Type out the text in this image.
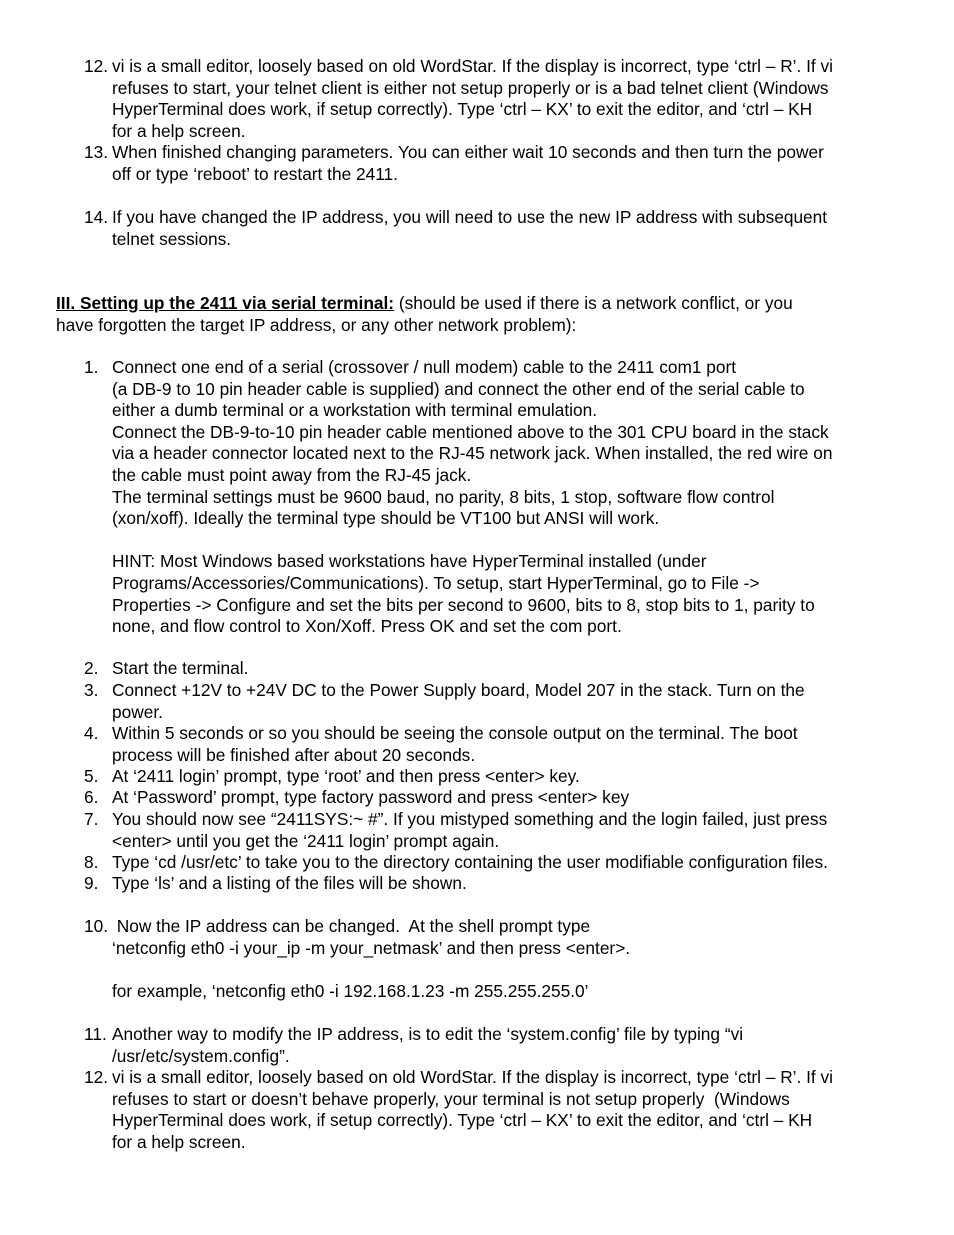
12. vi is a small editor, loosely based on old WordStar. If the display is incorrect, type ‘ctrl – R’. If vi

refuses to start, your telnet client is either not setup properly or is a bad telnet client (Windows

HyperTerminal does work, if setup correctly). Type ‘ctrl – KX’ to exit the editor, and ‘ctrl – KH

for a help screen.

13. When finished changing parameters. You can either wait 10 seconds and then turn the power

off or type ‘reboot’ to restart the 2411.

14. If you have changed the IP address, you will need to use the new IP address with subsequent

telnet sessions.

III. Setting up the 2411 via serial terminal: (should be used if there is a network conflict, or you
have forgotten the target IP address, or any other network problem):
1. Connect one end of a serial (crossover / null modem) cable to the 2411 com1 port

(a DB-9 to 10 pin header cable is supplied) and connect the other end of the serial cable to

either a dumb terminal or a workstation with terminal emulation.

Connect the DB-9-to-10 pin header cable mentioned above to the 301 CPU board in the stack

via a header connector located next to the RJ-45 network jack. When installed, the red wire on

the cable must point away from the RJ-45 jack.

The terminal settings must be 9600 baud, no parity, 8 bits, 1 stop, software flow control

(xon/xoff). Ideally the terminal type should be VT100 but ANSI will work.

HINT: Most Windows based workstations have HyperTerminal installed (under

Programs/Accessories/Communications). To setup, start HyperTerminal, go to File ->

Properties -> Configure and set the bits per second to 9600, bits to 8, stop bits to 1, parity to

none, and flow control to Xon/Xoff. Press OK and set the com port.

2. Start the terminal.

3. Connect +12V to +24V DC to the Power Supply board, Model 207 in the stack. Turn on the

power.

4. Within 5 seconds or so you should be seeing the console output on the terminal. The boot

process will be finished after about 20 seconds.

5. At ‘2411 login’ prompt, type ‘root’ and then press <enter> key.

6. At ‘Password’ prompt, type factory password and press <enter> key

7. You should now see “2411SYS:~ #”. If you mistyped something and the login failed, just press

<enter> until you get the ‘2411 login’ prompt again.

8. Type ‘cd /usr/etc’ to take you to the directory containing the user modifiable configuration files.

9. Type ‘ls’ and a listing of the files will be shown.

10. Now the IP address can be changed.  At the shell prompt type

‘netconfig eth0 -i your_ip -m your_netmask’ and then press <enter>.

for example, ‘netconfig eth0 -i 192.168.1.23 -m 255.255.255.0’

11. Another way to modify the IP address, is to edit the ‘system.config’ file by typing “vi

/usr/etc/system.config”.

12. vi is a small editor, loosely based on old WordStar. If the display is incorrect, type ‘ctrl – R’. If vi

refuses to start or doesn’t behave properly, your terminal is not setup properly  (Windows

HyperTerminal does work, if setup correctly). Type ‘ctrl – KX’ to exit the editor, and ‘ctrl – KH

for a help screen.
